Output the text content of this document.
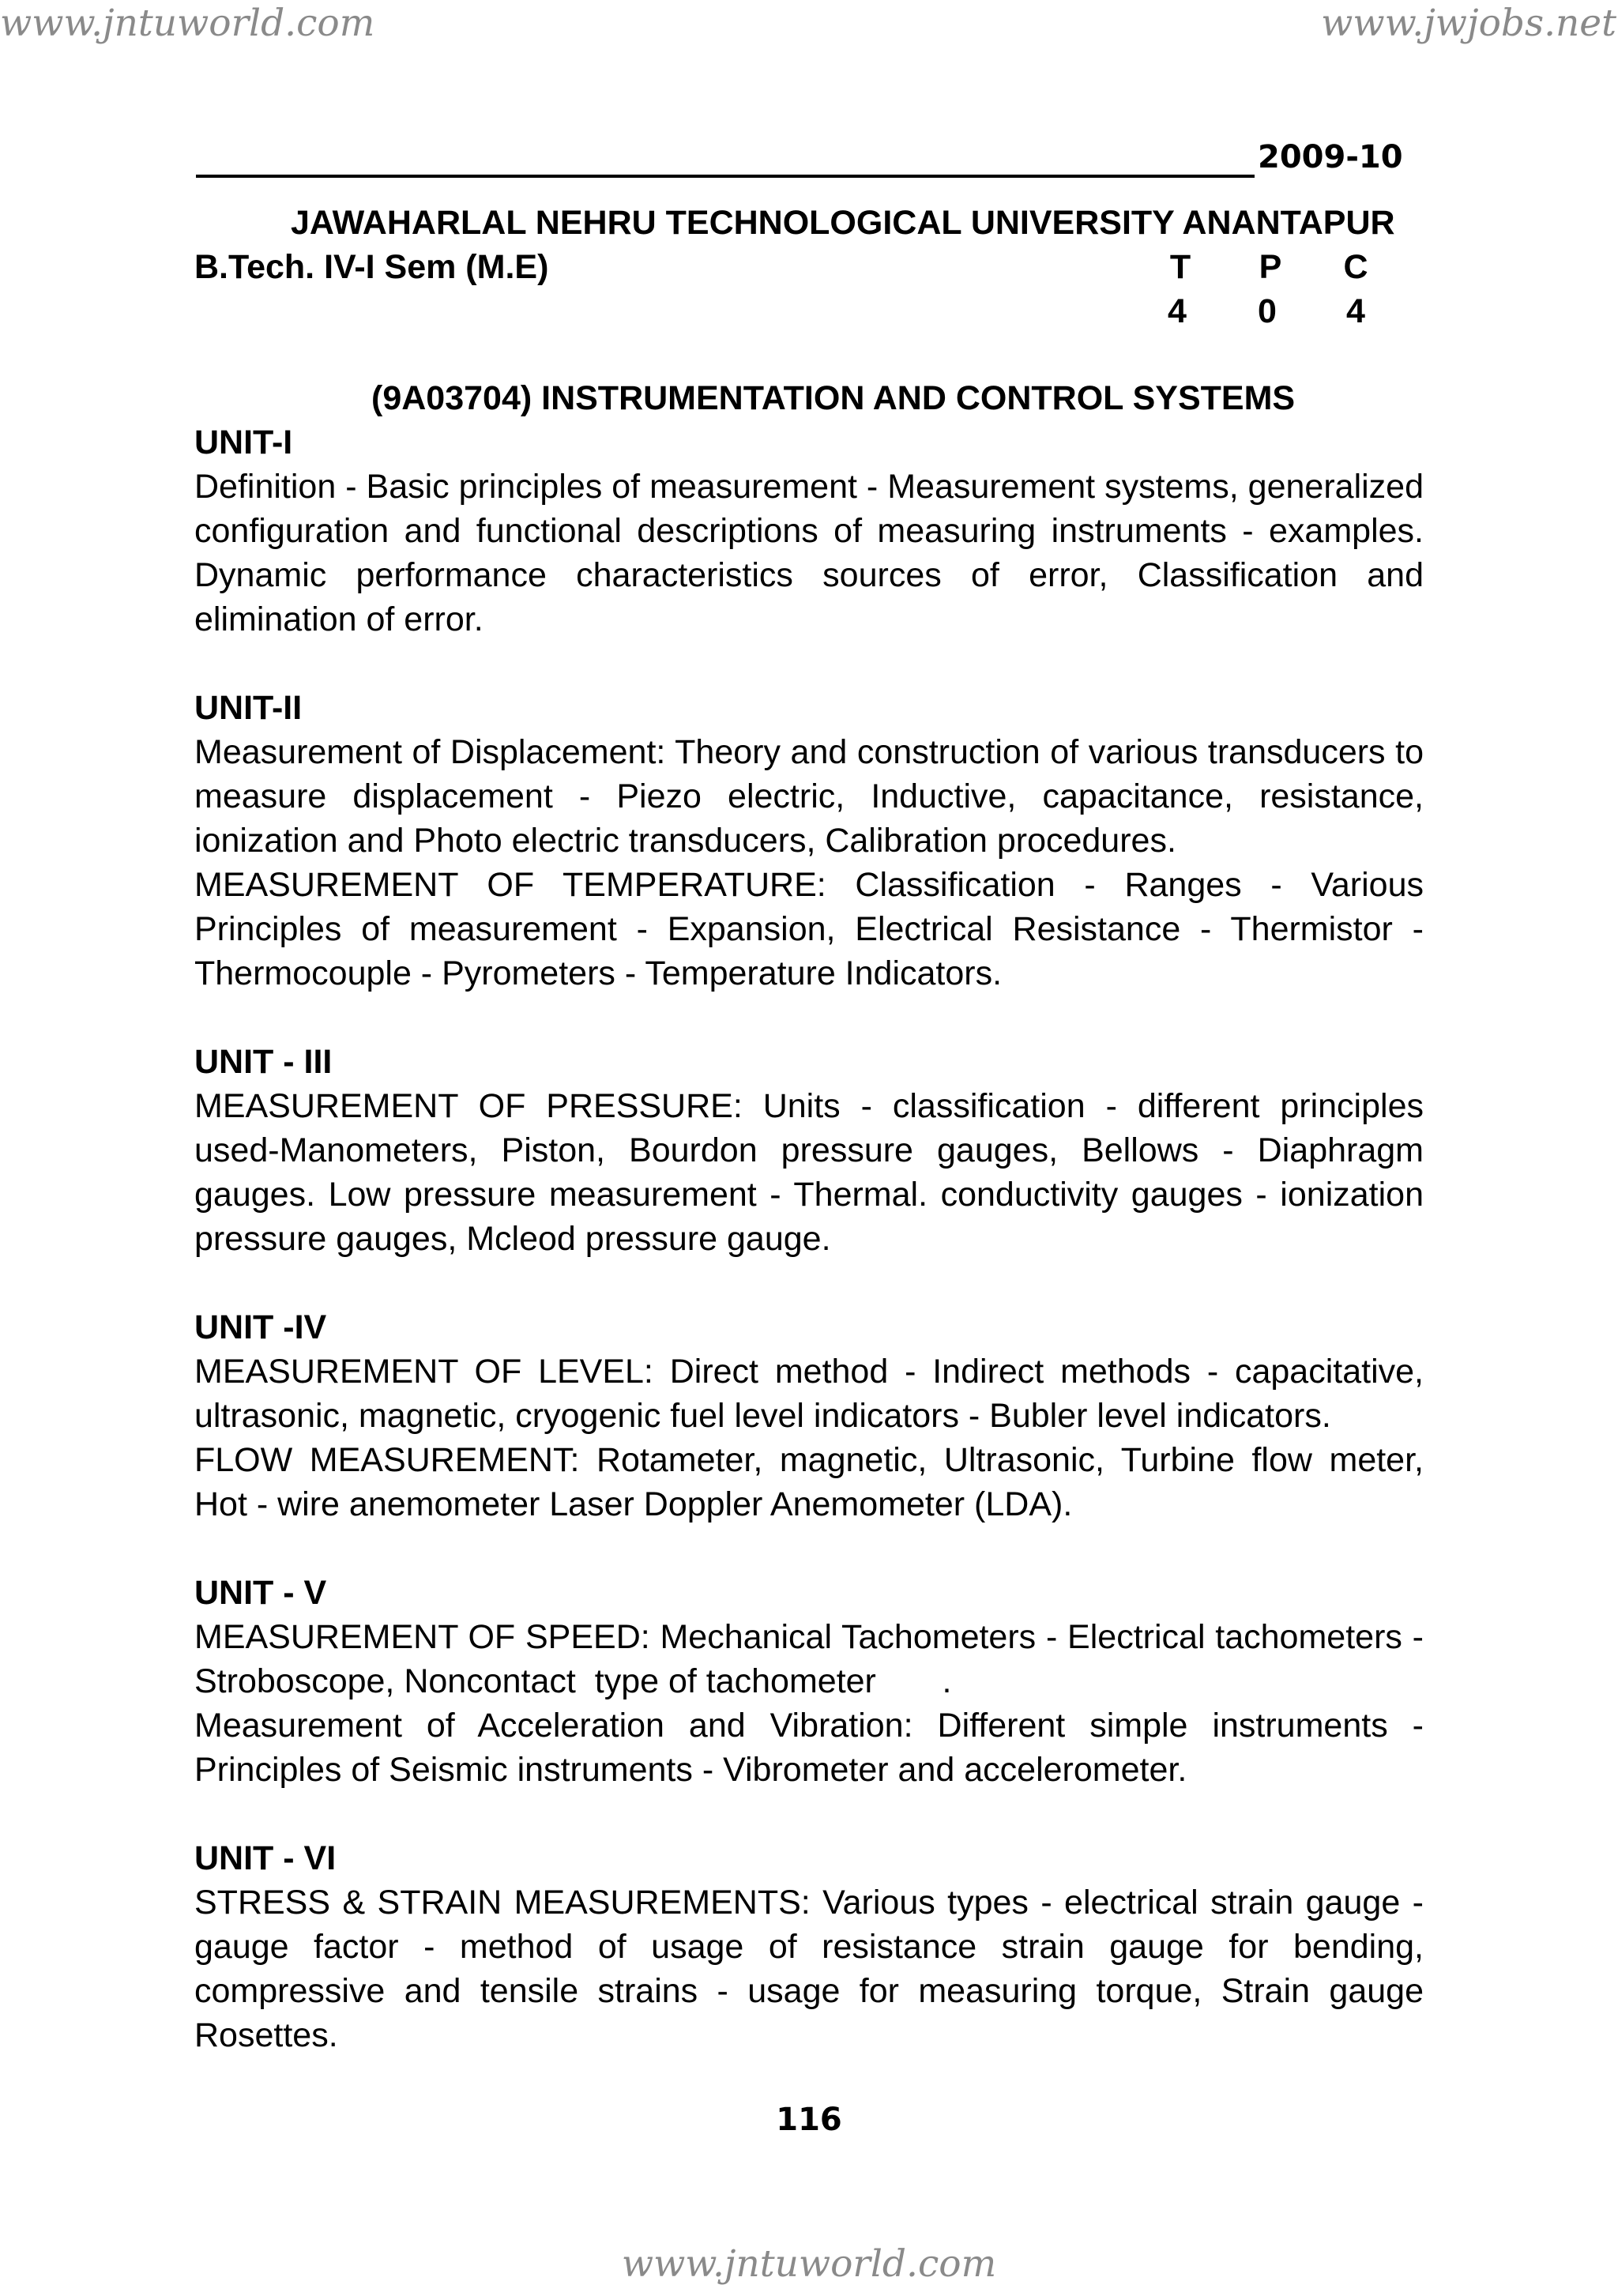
www.jntuworld.com	www.jwjobs.net
2009-10
JAWAHARLAL NEHRU TECHNOLOGICAL UNIVERSITY ANANTAPUR
B.Tech. IV-I Sem (M.E)	T P C
4 0 4
(9A03704) INSTRUMENTATION AND CONTROL SYSTEMS

UNIT-I

Definition - Basic principles of measurement - Measurement systems, generalized configuration and functional descriptions of measuring instruments - examples. Dynamic performance characteristics sources of error, Classification and elimination of error.

UNIT-II

Measurement of Displacement: Theory and construction of various transducers to measure displacement - Piezo electric, Inductive, capacitance, resistance, ionization and Photo electric transducers, Calibration procedures.

MEASUREMENT OF TEMPERATURE: Classification - Ranges - Various Principles of measurement - Expansion, Electrical Resistance - Thermistor - Thermocouple - Pyrometers - Temperature Indicators.

UNIT - III

MEASUREMENT OF PRESSURE: Units - classification - different principles used-Manometers, Piston, Bourdon pressure gauges, Bellows - Diaphragm gauges. Low pressure measurement - Thermal. conductivity gauges - ionization pressure gauges, Mcleod pressure gauge.

UNIT -IV

MEASUREMENT OF LEVEL: Direct method - Indirect methods - capacitative, ultrasonic, magnetic, cryogenic fuel level indicators - Bubler level indicators.

FLOW MEASUREMENT: Rotameter, magnetic, Ultrasonic, Turbine flow meter, Hot - wire anemometer Laser Doppler Anemometer (LDA).

UNIT - V

MEASUREMENT OF SPEED: Mechanical Tachometers - Electrical tachometers - Stroboscope, Noncontact  type of tachometer       .

Measurement of Acceleration and Vibration: Different simple instruments - Principles of Seismic instruments - Vibrometer and accelerometer.

UNIT - VI

STRESS & STRAIN MEASUREMENTS: Various types - electrical strain gauge - gauge factor - method of usage of resistance strain gauge for bending, compressive and tensile strains - usage for measuring torque, Strain gauge Rosettes.

116
www.jntuworld.com
